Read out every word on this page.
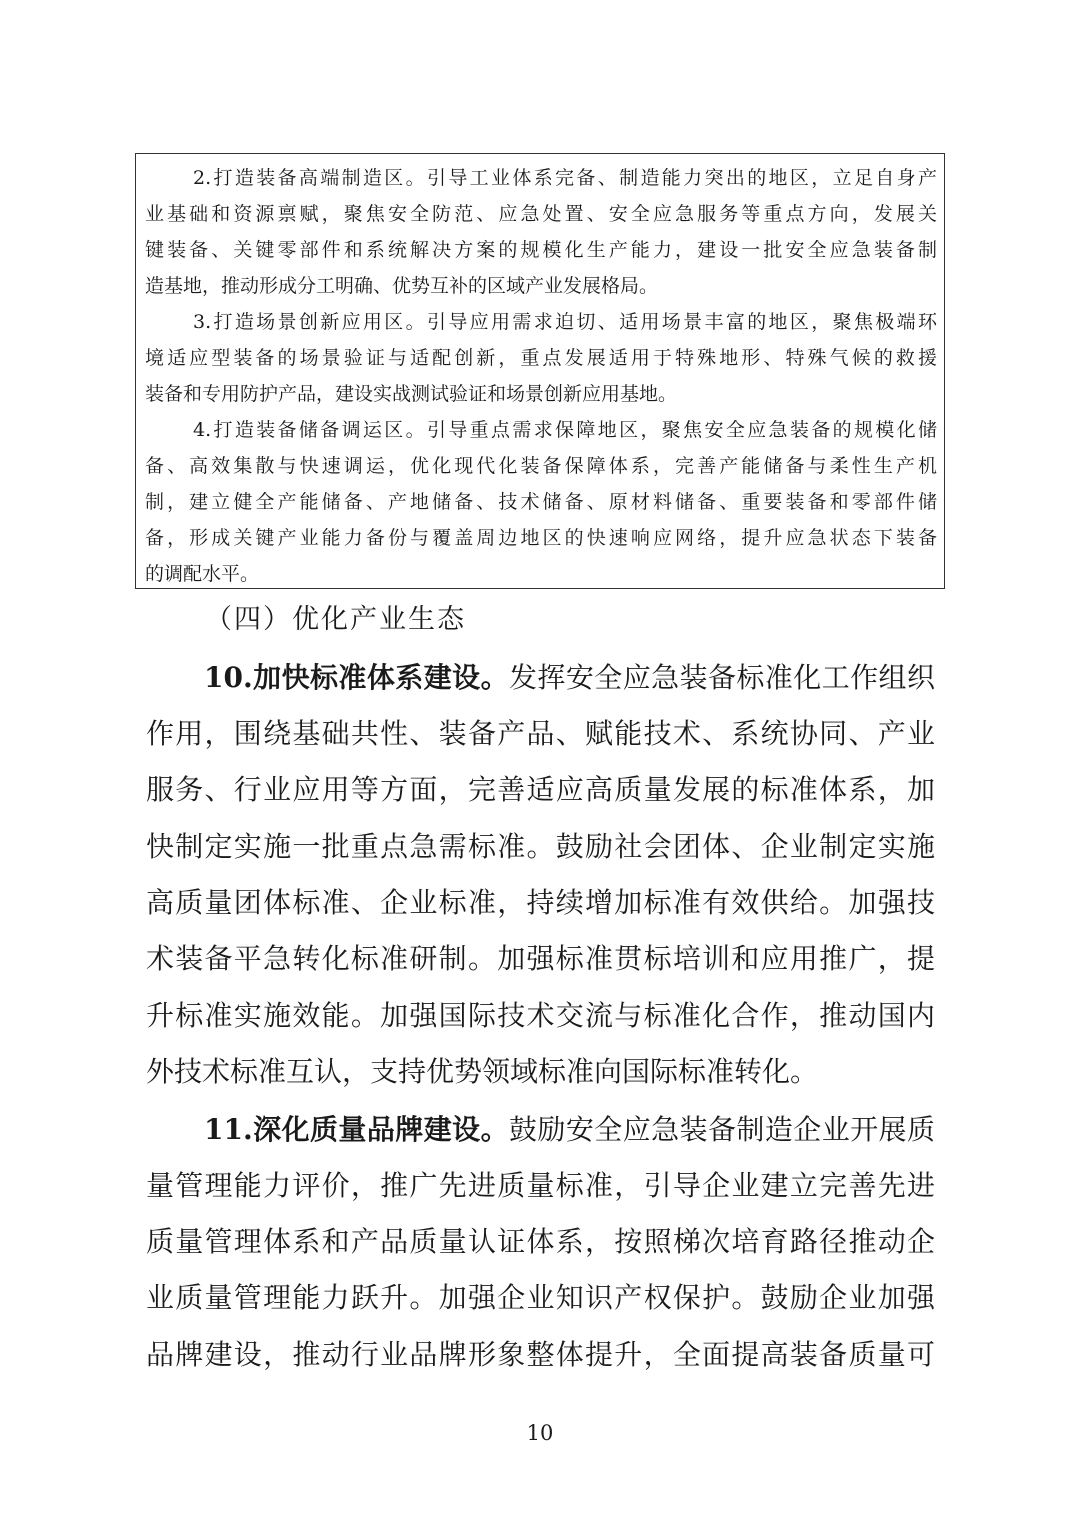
2.打造装备高端制造区。引导工业体系完备、制造能力突出的地区，立足自身产
业基础和资源禀赋，聚焦安全防范、应急处置、安全应急服务等重点方向，发展关
键装备、关键零部件和系统解决方案的规模化生产能力，建设一批安全应急装备制
造基地，推动形成分工明确、优势互补的区域产业发展格局。
3.打造场景创新应用区。引导应用需求迫切、适用场景丰富的地区，聚焦极端环
境适应型装备的场景验证与适配创新，重点发展适用于特殊地形、特殊气候的救援
装备和专用防护产品，建设实战测试验证和场景创新应用基地。
4.打造装备储备调运区。引导重点需求保障地区，聚焦安全应急装备的规模化储
备、高效集散与快速调运，优化现代化装备保障体系，完善产能储备与柔性生产机
制，建立健全产能储备、产地储备、技术储备、原材料储备、重要装备和零部件储
备，形成关键产业能力备份与覆盖周边地区的快速响应网络，提升应急状态下装备
的调配水平。
（四）优化产业生态
10.加快标准体系建设。发挥安全应急装备标准化工作组织
作用，围绕基础共性、装备产品、赋能技术、系统协同、产业
服务、行业应用等方面，完善适应高质量发展的标准体系，加
快制定实施一批重点急需标准。鼓励社会团体、企业制定实施
高质量团体标准、企业标准，持续增加标准有效供给。加强技
术装备平急转化标准研制。加强标准贯标培训和应用推广，提
升标准实施效能。加强国际技术交流与标准化合作，推动国内
外技术标准互认，支持优势领域标准向国际标准转化。
11.深化质量品牌建设。鼓励安全应急装备制造企业开展质
量管理能力评价，推广先进质量标准，引导企业建立完善先进
质量管理体系和产品质量认证体系，按照梯次培育路径推动企
业质量管理能力跃升。加强企业知识产权保护。鼓励企业加强
品牌建设，推动行业品牌形象整体提升，全面提高装备质量可
10
